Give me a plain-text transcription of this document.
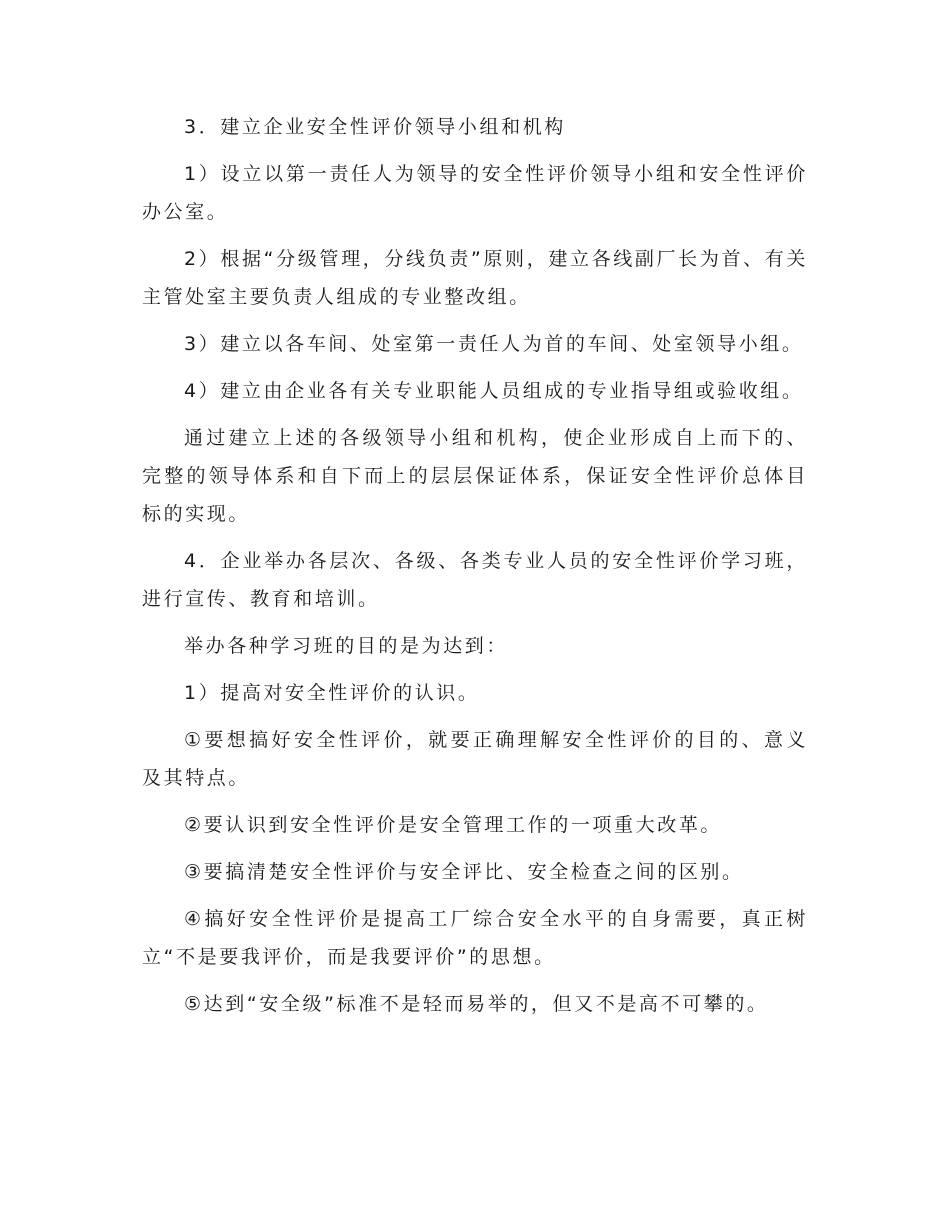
3．建立企业安全性评价领导小组和机构

1）设立以第一责任人为领导的安全性评价领导小组和安全性评价办公室。

2）根据“分级管理，分线负责”原则，建立各线副厂长为首、有关主管处室主要负责人组成的专业整改组。

3）建立以各车间、处室第一责任人为首的车间、处室领导小组。

4）建立由企业各有关专业职能人员组成的专业指导组或验收组。

通过建立上述的各级领导小组和机构，使企业形成自上而下的、完整的领导体系和自下而上的层层保证体系，保证安全性评价总体目标的实现。

4．企业举办各层次、各级、各类专业人员的安全性评价学习班，进行宣传、教育和培训。

举办各种学习班的目的是为达到：

1）提高对安全性评价的认识。

①要想搞好安全性评价，就要正确理解安全性评价的目的、意义及其特点。

②要认识到安全性评价是安全管理工作的一项重大改革。

③要搞清楚安全性评价与安全评比、安全检查之间的区别。

④搞好安全性评价是提高工厂综合安全水平的自身需要，真正树立“不是要我评价，而是我要评价”的思想。

⑤达到“安全级”标准不是轻而易举的，但又不是高不可攀的。
